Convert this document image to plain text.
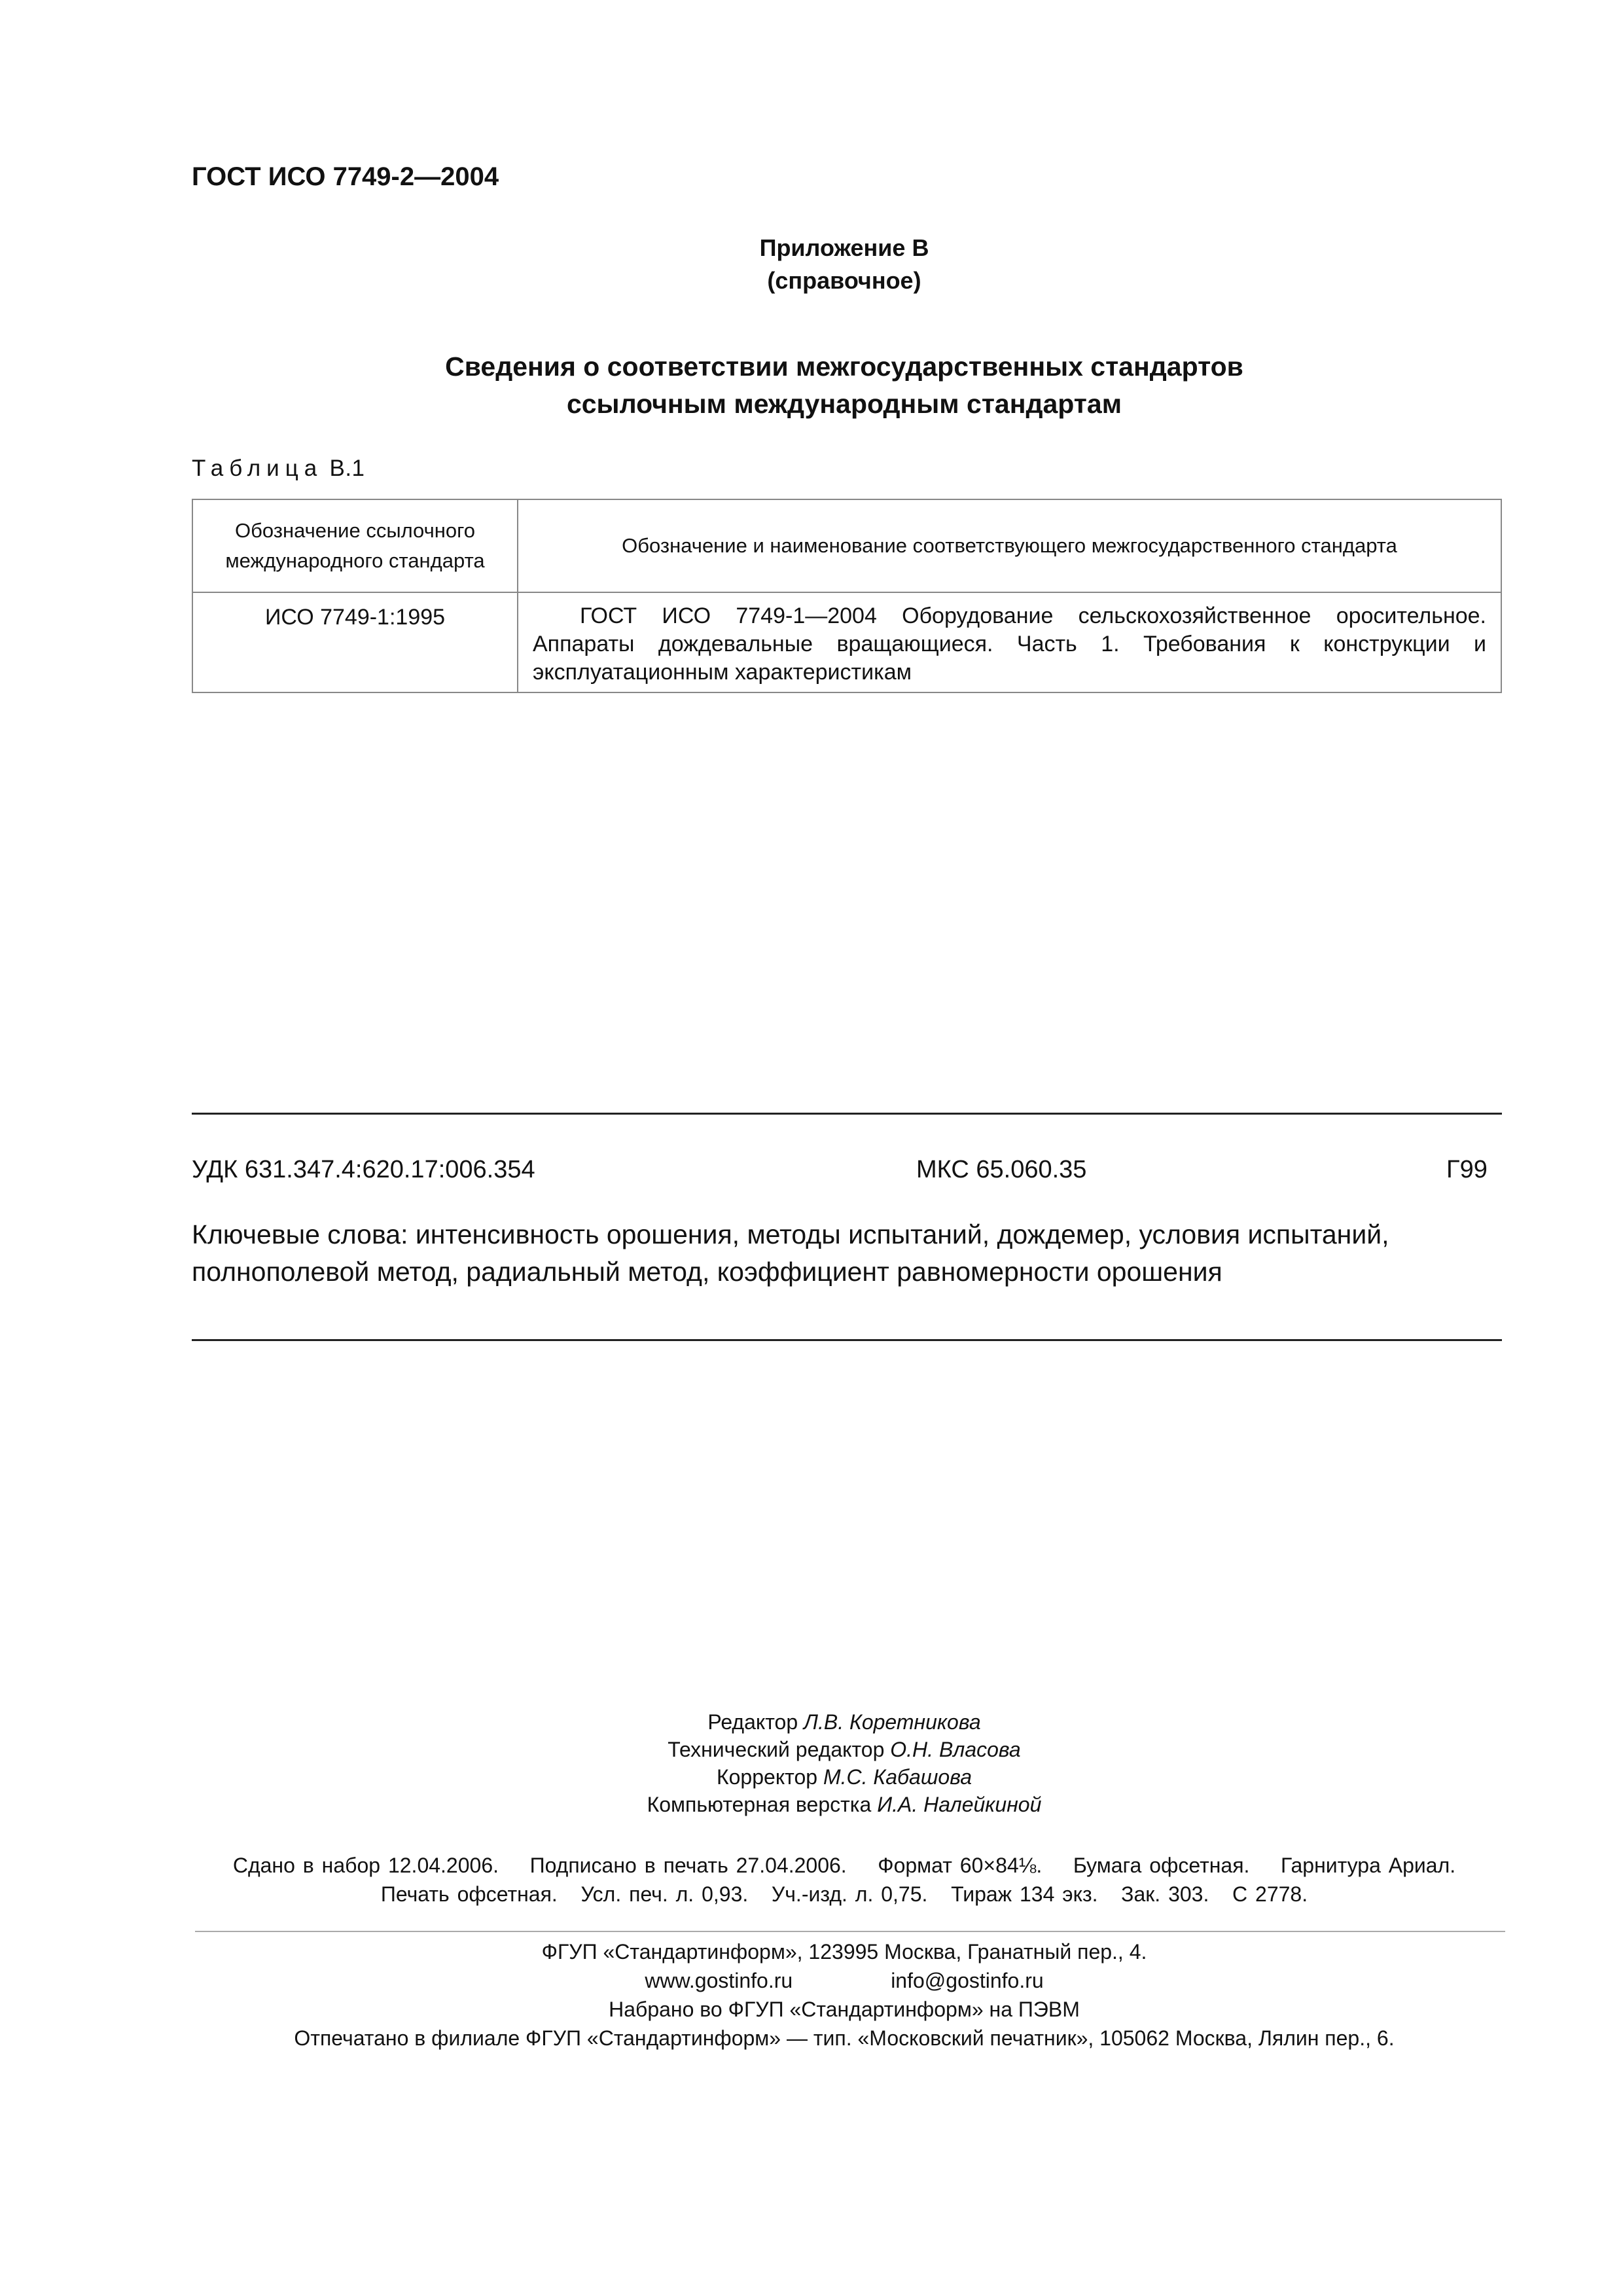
ГОСТ ИСО 7749-2—2004
Приложение В
(справочное)
Сведения о соответствии межгосударственных стандартов
ссылочным международным стандартам
Таблица В.1
Обозначение ссылочного международного стандарта	Обозначение и наименование соответствующего межгосударственного стандарта
ИСО 7749-1:1995	ГОСТ ИСО 7749-1—2004 Оборудование сельскохозяйственное оросительное. Аппараты дождевальные вращающиеся. Часть 1. Требования к конструкции и эксплуатационным характеристикам
УДК 631.347.4:620.17:006.354	МКС 65.060.35	Г99
Ключевые слова: интенсивность орошения, методы испытаний, дождемер, условия испытаний, полнополевой метод, радиальный метод, коэффициент равномерности орошения
Редактор Л.В. Коретникова
Технический редактор О.Н. Власова
Корректор М.С. Кабашова
Компьютерная верстка И.А. Налейкиной
Сдано в набор 12.04.2006.    Подписано в печать 27.04.2006.    Формат 60×84⅛.    Бумага офсетная.    Гарнитура Ариал.
Печать офсетная.   Усл. печ. л. 0,93.   Уч.-изд. л. 0,75.   Тираж 134 экз.   Зак. 303.   С 2778.
ФГУП «Стандартинформ», 123995 Москва, Гранатный пер., 4.
www.gostinfo.ru	info@gostinfo.ru
Набрано во ФГУП «Стандартинформ» на ПЭВМ
Отпечатано в филиале ФГУП «Стандартинформ» — тип. «Московский печатник», 105062 Москва, Лялин пер., 6.
